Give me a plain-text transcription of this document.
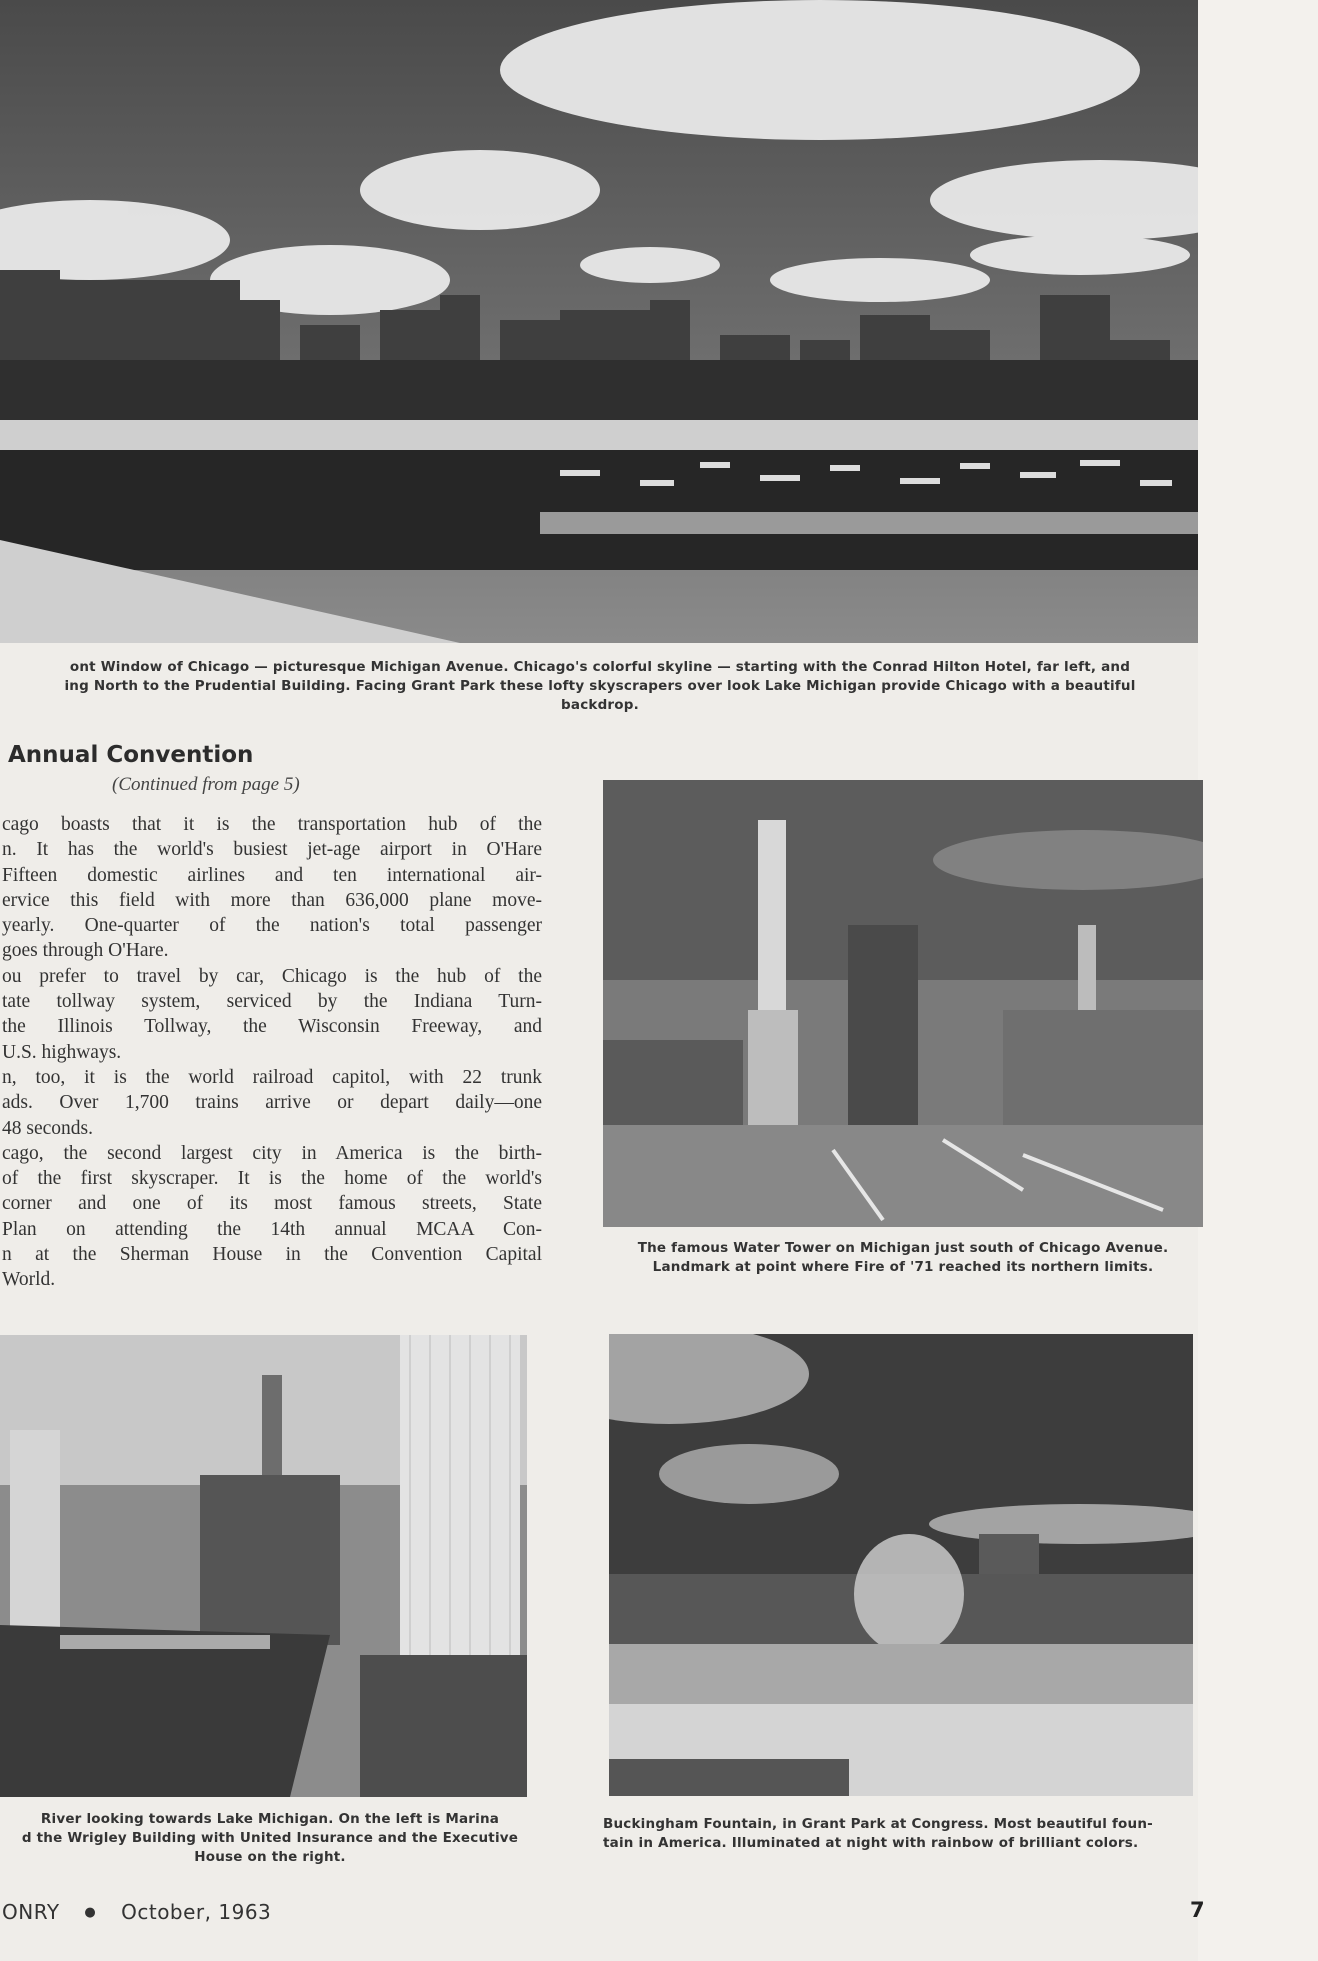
ont Window of Chicago — picturesque Michigan Avenue. Chicago's colorful skyline — starting with the Conrad Hilton Hotel, far left, and
ing North to the Prudential Building. Facing Grant Park these lofty skyscrapers over look Lake Michigan provide Chicago with a beautiful
backdrop.
Annual Convention
(Continued from page 5)
cago boasts that it is the transportation hub of the
n. It has the world's busiest jet-age airport in O'Hare
Fifteen domestic airlines and ten international air-
ervice this field with more than 636,000 plane move-
yearly. One-quarter of the nation's total passenger
goes through O'Hare.
ou prefer to travel by car, Chicago is the hub of the
tate tollway system, serviced by the Indiana Turn-
the Illinois Tollway, the Wisconsin Freeway, and
U.S. highways.
n, too, it is the world railroad capitol, with 22 trunk
ads. Over 1,700 trains arrive or depart daily—one
48 seconds.
cago, the second largest city in America is the birth-
of the first skyscraper. It is the home of the world's
corner and one of its most famous streets, State
Plan on attending the 14th annual MCAA Con-
n at the Sherman House in the Convention Capital
World.
The famous Water Tower on Michigan just south of Chicago Avenue.
Landmark at point where Fire of '71 reached its northern limits.
River looking towards Lake Michigan. On the left is Marina
d the Wrigley Building with United Insurance and the Executive
House on the right.
Buckingham Fountain, in Grant Park at Congress. Most beautiful foun-
tain in America. Illuminated at night with rainbow of brilliant colors.
ONRY ● October, 1963	7
